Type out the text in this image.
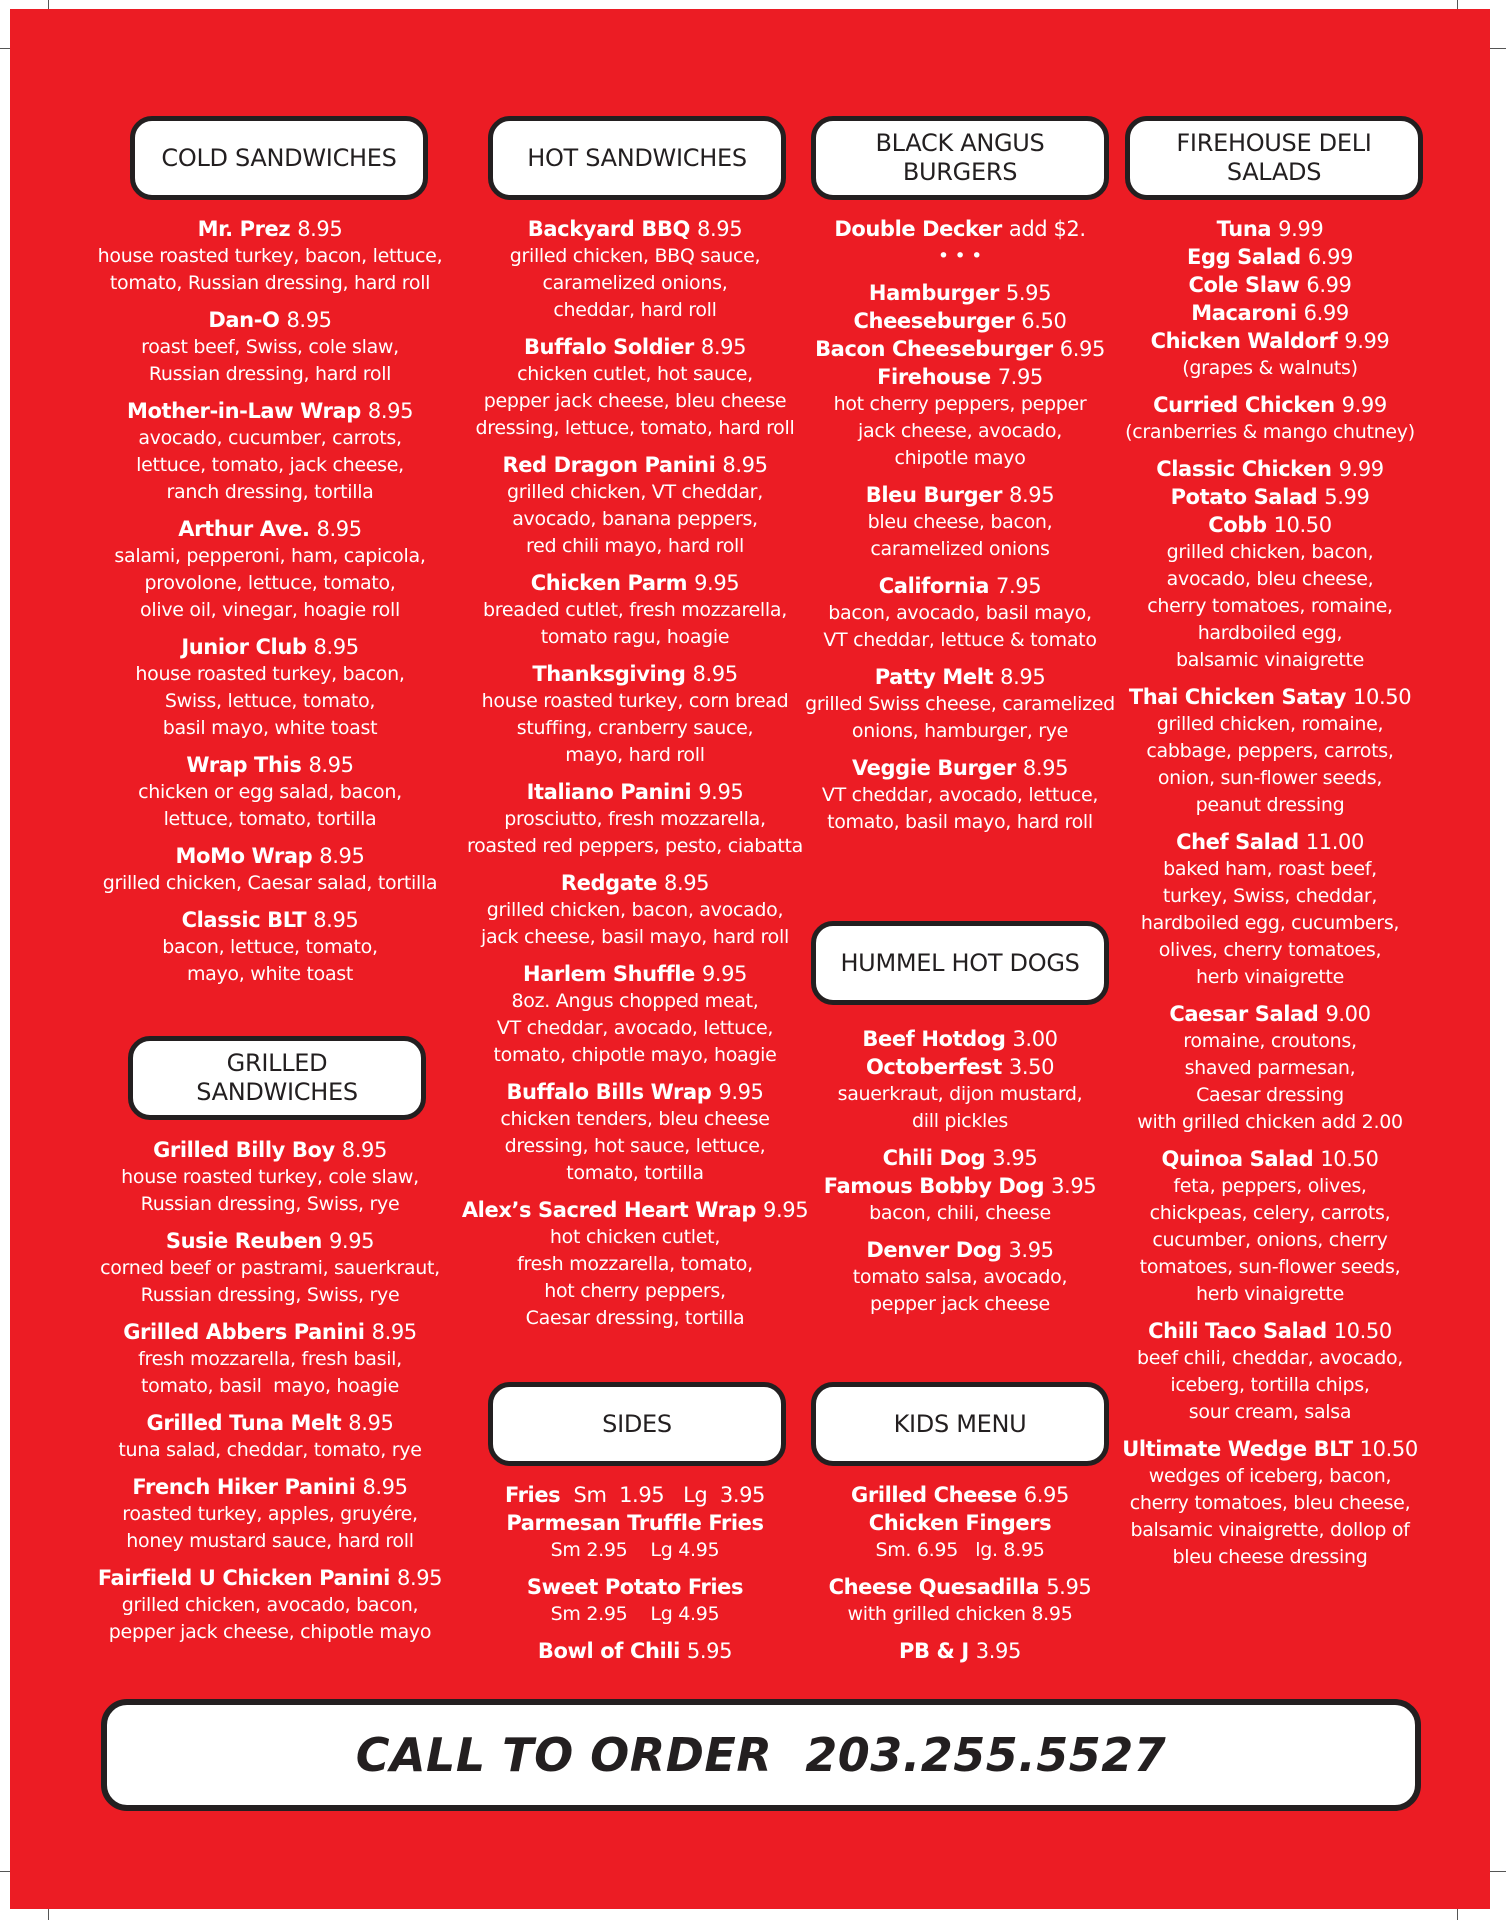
COLD SANDWICHES
Mr. Prez 8.95
house roasted turkey, bacon, lettuce,
tomato, Russian dressing, hard roll
Dan-O 8.95
roast beef, Swiss, cole slaw,
Russian dressing, hard roll
Mother-in-Law Wrap 8.95
avocado, cucumber, carrots,
lettuce, tomato, jack cheese,
ranch dressing, tortilla
Arthur Ave. 8.95
salami, pepperoni, ham, capicola,
provolone, lettuce, tomato,
olive oil, vinegar, hoagie roll
Junior Club 8.95
house roasted turkey, bacon,
Swiss, lettuce, tomato,
basil mayo, white toast
Wrap This 8.95
chicken or egg salad, bacon,
lettuce, tomato, tortilla
MoMo Wrap 8.95
grilled chicken, Caesar salad, tortilla
Classic BLT 8.95
bacon, lettuce, tomato,
mayo, white toast
GRILLED SANDWICHES
Grilled Billy Boy 8.95
house roasted turkey, cole slaw,
Russian dressing, Swiss, rye
Susie Reuben 9.95
corned beef or pastrami, sauerkraut,
Russian dressing, Swiss, rye
Grilled Abbers Panini 8.95
fresh mozzarella, fresh basil,
tomato, basil  mayo, hoagie
Grilled Tuna Melt 8.95
tuna salad, cheddar, tomato, rye
French Hiker Panini 8.95
roasted turkey, apples, gruyére,
honey mustard sauce, hard roll
Fairfield U Chicken Panini 8.95
grilled chicken, avocado, bacon,
pepper jack cheese, chipotle mayo
HOT SANDWICHES
Backyard BBQ 8.95
grilled chicken, BBQ sauce,
caramelized onions,
cheddar, hard roll
Buffalo Soldier 8.95
chicken cutlet, hot sauce,
pepper jack cheese, bleu cheese
dressing, lettuce, tomato, hard roll
Red Dragon Panini 8.95
grilled chicken, VT cheddar,
avocado, banana peppers,
red chili mayo, hard roll
Chicken Parm 9.95
breaded cutlet, fresh mozzarella,
tomato ragu, hoagie
Thanksgiving 8.95
house roasted turkey, corn bread
stuffing, cranberry sauce,
mayo, hard roll
Italiano Panini 9.95
prosciutto, fresh mozzarella,
roasted red peppers, pesto, ciabatta
Redgate 8.95
grilled chicken, bacon, avocado,
jack cheese, basil mayo, hard roll
Harlem Shuffle 9.95
8oz. Angus chopped meat,
VT cheddar, avocado, lettuce,
tomato, chipotle mayo, hoagie
Buffalo Bills Wrap 9.95
chicken tenders, bleu cheese
dressing, hot sauce, lettuce,
tomato, tortilla
Alex’s Sacred Heart Wrap 9.95
hot chicken cutlet,
fresh mozzarella, tomato,
hot cherry peppers,
Caesar dressing, tortilla
SIDES
Fries Sm  1.95   Lg  3.95
Parmesan Truffle Fries
Sm 2.95    Lg 4.95
Sweet Potato Fries
Sm 2.95    Lg 4.95
Bowl of Chili 5.95
BLACK ANGUS BURGERS
Double Decker add $2.
• • •
Hamburger 5.95
Cheeseburger 6.50
Bacon Cheeseburger 6.95
Firehouse 7.95
hot cherry peppers, pepper
jack cheese, avocado,
chipotle mayo
Bleu Burger 8.95
bleu cheese, bacon,
caramelized onions
California 7.95
bacon, avocado, basil mayo,
VT cheddar, lettuce & tomato
Patty Melt 8.95
grilled Swiss cheese, caramelized
onions, hamburger, rye
Veggie Burger 8.95
VT cheddar, avocado, lettuce,
tomato, basil mayo, hard roll
HUMMEL HOT DOGS
Beef Hotdog 3.00
Octoberfest 3.50
sauerkraut, dijon mustard,
dill pickles
Chili Dog 3.95
Famous Bobby Dog 3.95
bacon, chili, cheese
Denver Dog 3.95
tomato salsa, avocado,
pepper jack cheese
KIDS MENU
Grilled Cheese 6.95
Chicken Fingers
Sm. 6.95   lg. 8.95
Cheese Quesadilla 5.95
with grilled chicken 8.95
PB & J 3.95
FIREHOUSE DELI SALADS
Tuna 9.99
Egg Salad 6.99
Cole Slaw 6.99
Macaroni 6.99
Chicken Waldorf 9.99
(grapes & walnuts)
Curried Chicken 9.99
(cranberries & mango chutney)
Classic Chicken 9.99
Potato Salad 5.99
Cobb 10.50
grilled chicken, bacon,
avocado, bleu cheese,
cherry tomatoes, romaine,
hardboiled egg,
balsamic vinaigrette
Thai Chicken Satay 10.50
grilled chicken, romaine,
cabbage, peppers, carrots,
onion, sun-flower seeds,
peanut dressing
Chef Salad 11.00
baked ham, roast beef,
turkey, Swiss, cheddar,
hardboiled egg, cucumbers,
olives, cherry tomatoes,
herb vinaigrette
Caesar Salad 9.00
romaine, croutons,
shaved parmesan,
Caesar dressing
with grilled chicken add 2.00
Quinoa Salad 10.50
feta, peppers, olives,
chickpeas, celery, carrots,
cucumber, onions, cherry
tomatoes, sun-flower seeds,
herb vinaigrette
Chili Taco Salad 10.50
beef chili, cheddar, avocado,
iceberg, tortilla chips,
sour cream, salsa
Ultimate Wedge BLT 10.50
wedges of iceberg, bacon,
cherry tomatoes, bleu cheese,
balsamic vinaigrette, dollop of
bleu cheese dressing
CALL TO ORDER
203.255.5527
